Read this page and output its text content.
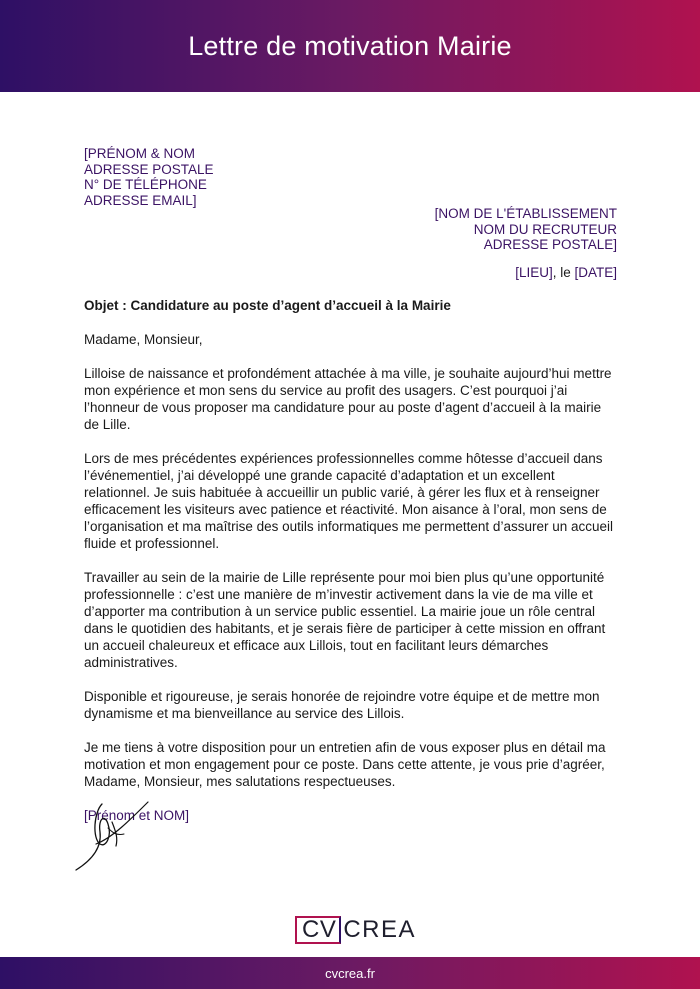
Lettre de motivation Mairie
[PRÉNOM & NOM
ADRESSE POSTALE
N° DE TÉLÉPHONE
ADRESSE EMAIL]
[NOM DE L'ÉTABLISSEMENT
NOM DU RECRUTEUR
ADRESSE POSTALE]
[LIEU], le [DATE]

Objet : Candidature au poste d’agent d’accueil à la Mairie

Madame, Monsieur,

Lilloise de naissance et profondément attachée à ma ville, je souhaite aujourd’hui mettre mon expérience et mon sens du service au profit des usagers. C’est pourquoi j’ai l’honneur de vous proposer ma candidature pour au poste d’agent d’accueil à la mairie de Lille.

Lors de mes précédentes expériences professionnelles comme hôtesse d’accueil dans l’événementiel, j’ai développé une grande capacité d’adaptation et un excellent relationnel. Je suis habituée à accueillir un public varié, à gérer les flux et à renseigner efficacement les visiteurs avec patience et réactivité. Mon aisance à l’oral, mon sens de l’organisation et ma maîtrise des outils informatiques me permettent d’assurer un accueil fluide et professionnel.

Travailler au sein de la mairie de Lille représente pour moi bien plus qu’une opportunité professionnelle : c’est une manière de m’investir activement dans la vie de ma ville et d’apporter ma contribution à un service public essentiel. La mairie joue un rôle central dans le quotidien des habitants, et je serais fière de participer à cette mission en offrant un accueil chaleureux et efficace aux Lillois, tout en facilitant leurs démarches administratives.

Disponible et rigoureuse, je serais honorée de rejoindre votre équipe et de mettre mon dynamisme et ma bienveillance au service des Lillois.

Je me tiens à votre disposition pour un entretien afin de vous exposer plus en détail ma motivation et mon engagement pour ce poste. Dans cette attente, je vous prie d’agréer, Madame, Monsieur, mes salutations respectueuses.

[Prénom et NOM]

CV CREA
cvcrea.fr
